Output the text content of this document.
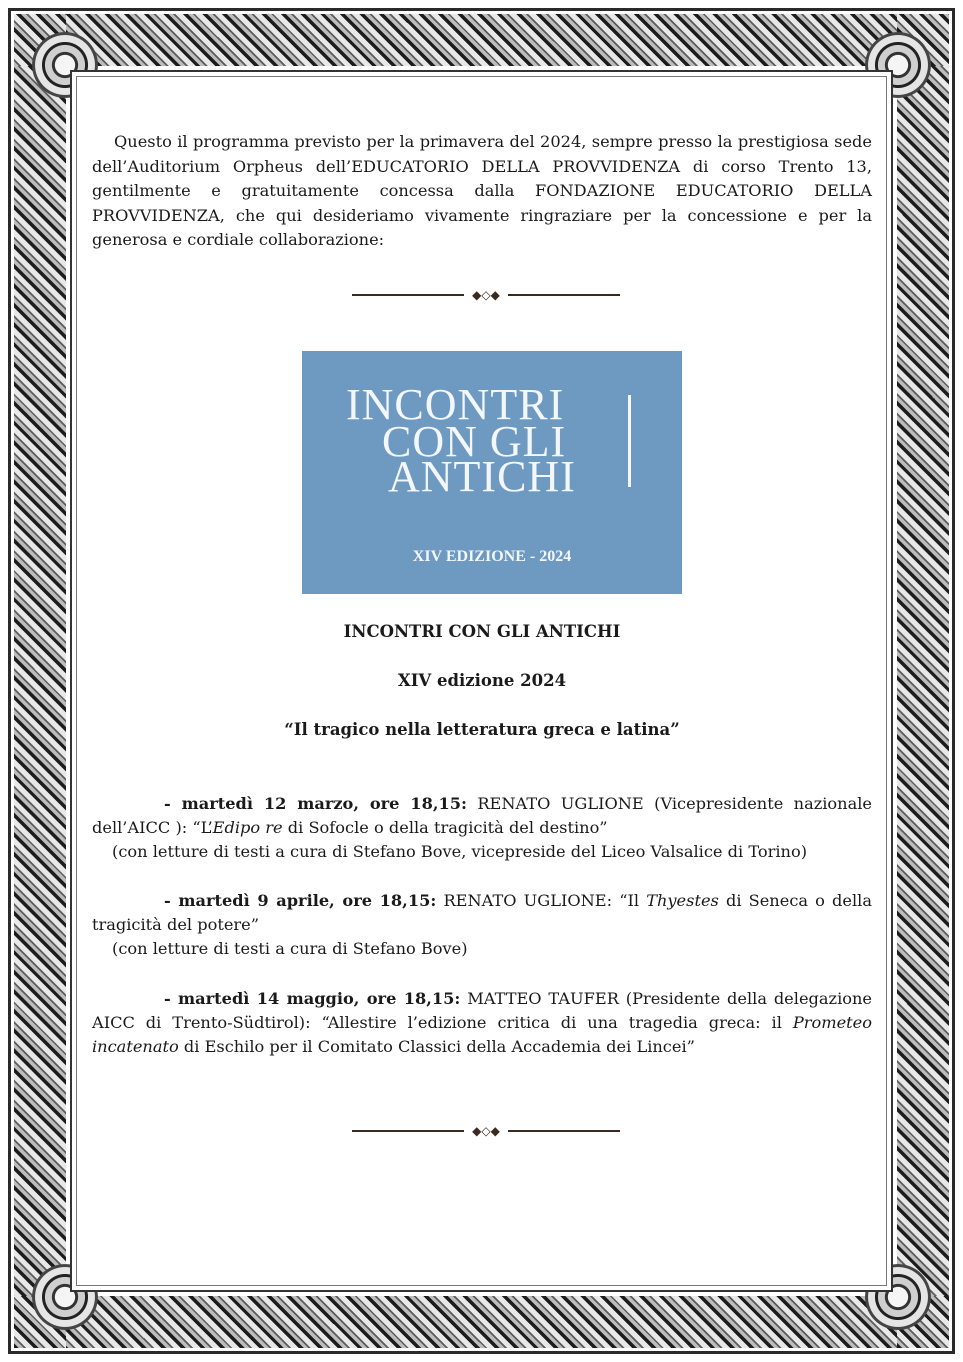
Questo il programma previsto per la primavera del 2024, sempre presso la prestigiosa sede dell’Auditorium Orpheus dell’EDUCATORIO DELLA PROVVIDENZA di corso Trento 13, gentilmente e gratuitamente concessa dalla FONDAZIONE EDUCATORIO DELLA PROVVIDENZA, che qui desideriamo vivamente ringraziare per la concessione e per la generosa e cordiale collaborazione:

◆◇◆
INCONTRI
CON GLI
ANTICHI
XIV EDIZIONE - 2024
INCONTRI CON GLI ANTICHI
XIV edizione 2024
“Il tragico nella letteratura greca e latina”
- martedì 12 marzo, ore 18,15: RENATO UGLIONE (Vicepresidente nazionale dell’AICC ): “L’Edipo re di Sofocle o della tragicità del destino”
(con letture di testi a cura di Stefano Bove, vicepreside del Liceo Valsalice di Torino)
- martedì 9 aprile, ore 18,15: RENATO UGLIONE: “Il Thyestes di Seneca o della tragicità del potere”
(con letture di testi a cura di Stefano Bove)
- martedì 14 maggio, ore 18,15: MATTEO TAUFER (Presidente della delegazione AICC di Trento-Südtirol): “Allestire l’edizione critica di una tragedia greca: il Prometeo incatenato di Eschilo per il Comitato Classici della Accademia dei Lincei”
◆◇◆
